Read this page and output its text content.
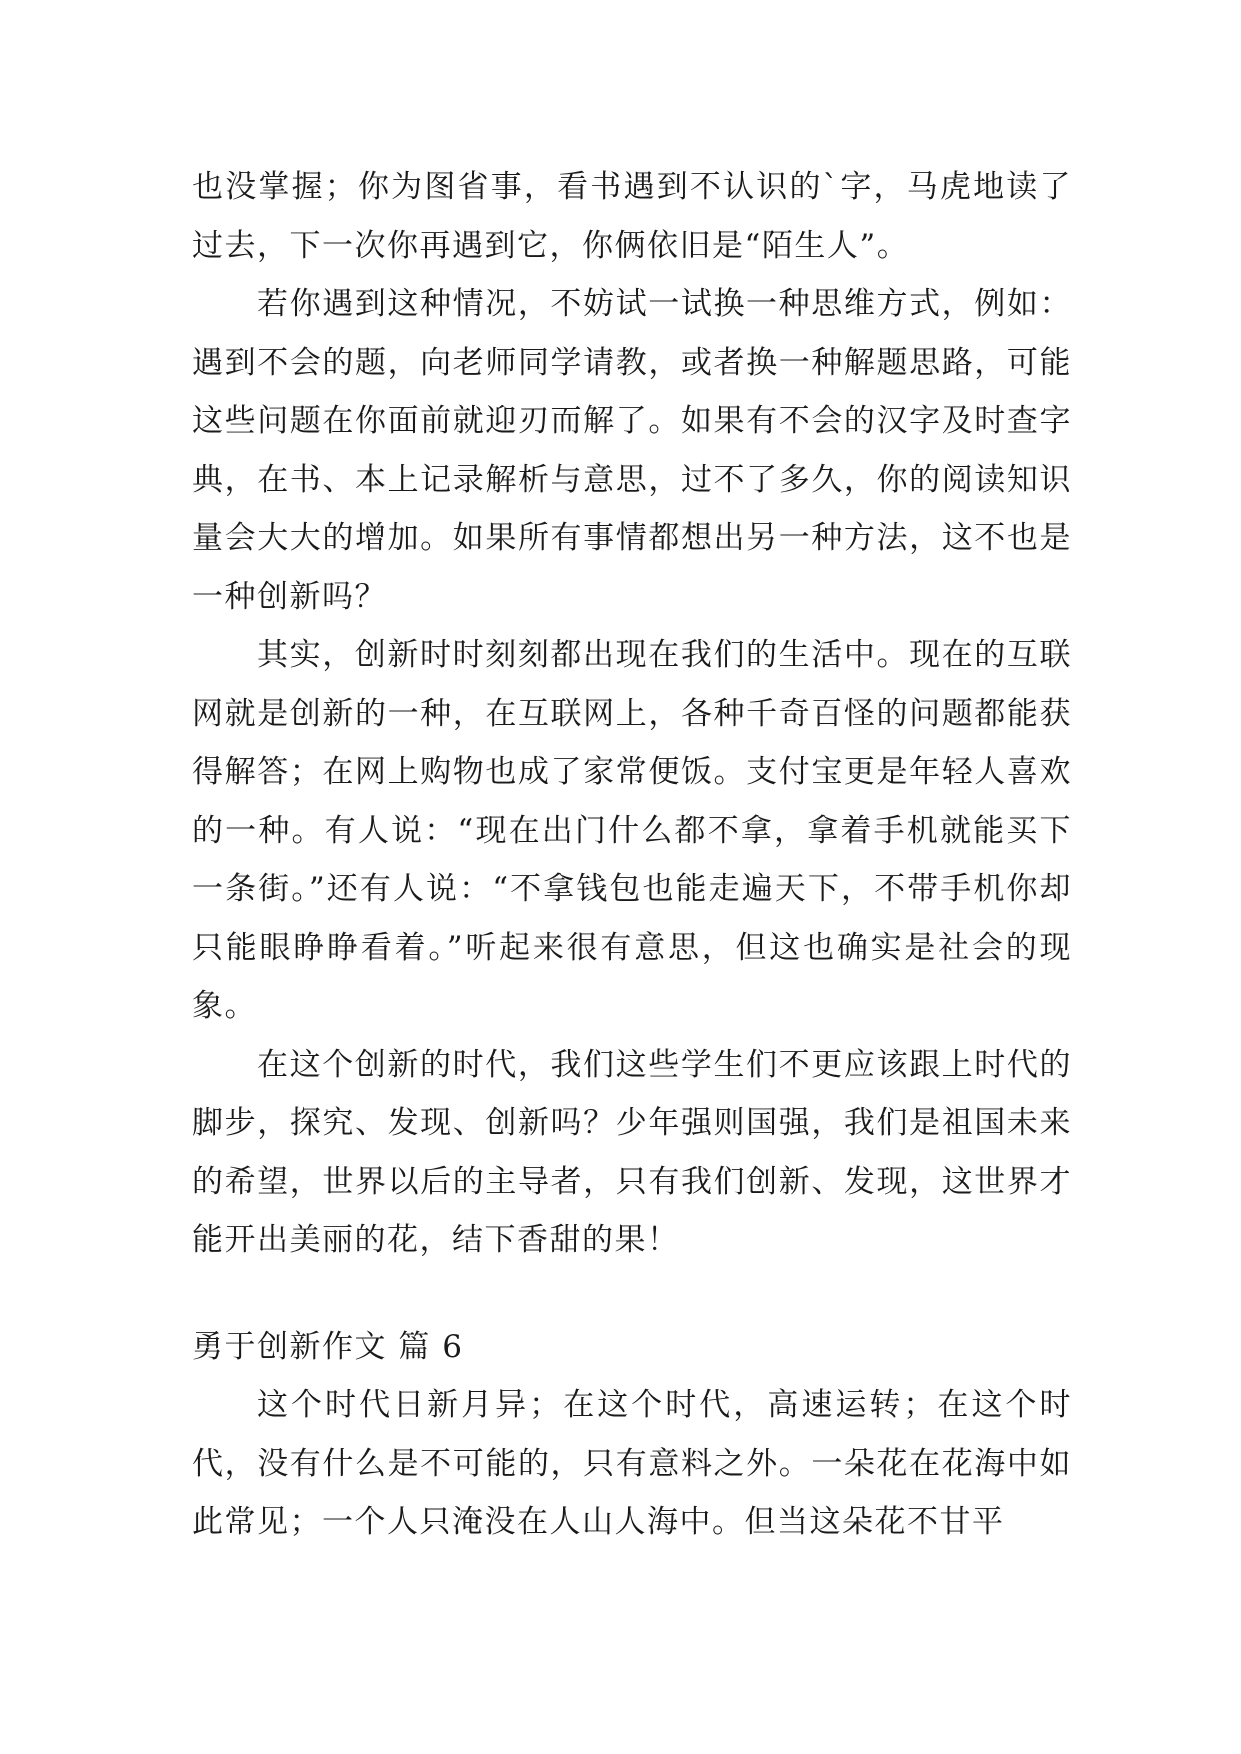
也没掌握；你为图省事，看书遇到不认识的`字，马虎地读了过去，下一次你再遇到它，你俩依旧是“陌生人”。

若你遇到这种情况，不妨试一试换一种思维方式，例如：遇到不会的题，向老师同学请教，或者换一种解题思路，可能这些问题在你面前就迎刃而解了。如果有不会的汉字及时查字典，在书、本上记录解析与意思，过不了多久，你的阅读知识量会大大的增加。如果所有事情都想出另一种方法，这不也是一种创新吗？

其实，创新时时刻刻都出现在我们的生活中。现在的互联网就是创新的一种，在互联网上，各种千奇百怪的问题都能获得解答；在网上购物也成了家常便饭。支付宝更是年轻人喜欢的一种。有人说：“现在出门什么都不拿，拿着手机就能买下一条街。”还有人说：“不拿钱包也能走遍天下，不带手机你却只能眼睁睁看着。”听起来很有意思，但这也确实是社会的现象。

在这个创新的时代，我们这些学生们不更应该跟上时代的脚步，探究、发现、创新吗？少年强则国强，我们是祖国未来的希望，世界以后的主导者，只有我们创新、发现，这世界才能开出美丽的花，结下香甜的果！

勇于创新作文 篇 6

这个时代日新月异；在这个时代，高速运转；在这个时代，没有什么是不可能的，只有意料之外。一朵花在花海中如此常见；一个人只淹没在人山人海中。但当这朵花不甘平
